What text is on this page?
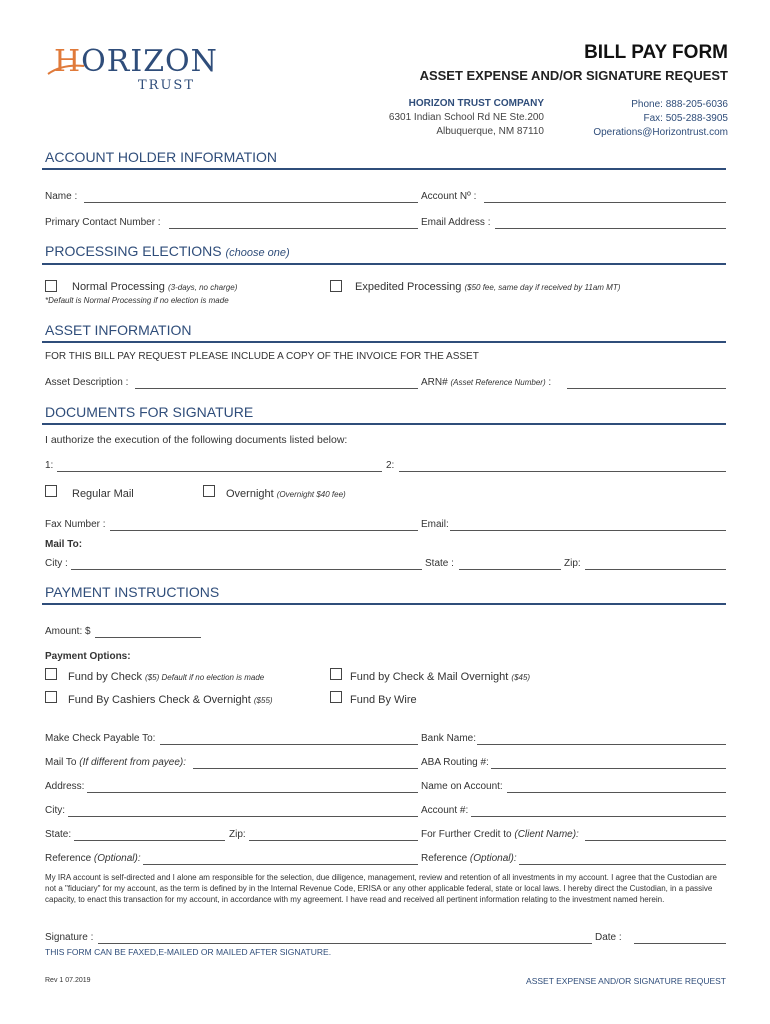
HORIZON
TRUST
BILL PAY FORM
ASSET EXPENSE AND/OR SIGNATURE REQUEST
HORIZON TRUST COMPANY
6301 Indian School Rd NE Ste.200
Albuquerque, NM 87110
Phone: 888-205-6036
Fax: 505-288-3905
Operations@Horizontrust.com
ACCOUNT HOLDER INFORMATION
Name :	Account Nº :
Primary Contact Number :	Email Address :
PROCESSING ELECTIONS (choose one)
Normal Processing (3-days, no charge)	Expedited Processing ($50 fee, same day if received by 11am MT)
*Default is Normal Processing if no election is made
ASSET INFORMATION
FOR THIS BILL PAY REQUEST PLEASE INCLUDE A COPY OF THE INVOICE FOR THE ASSET
Asset Description :	ARN# (Asset Reference Number) :
DOCUMENTS FOR SIGNATURE
I authorize the execution of the following documents listed below:
1:	2:
Regular Mail	Overnight (Overnight $40 fee)
Fax Number :	Email:
Mail To:
City :	State :	Zip:
PAYMENT INSTRUCTIONS
Amount: $
Payment Options:
Fund by Check ($5) Default if no election is made	Fund by Check & Mail Overnight ($45)
Fund By Cashiers Check & Overnight ($55)	Fund By Wire
Make Check Payable To:	Bank Name:
Mail To (If different from payee):	ABA Routing #:
Address:	Name on Account:
City:	Account #:
State:	Zip:	For Further Credit to (Client Name):
Reference (Optional):	Reference (Optional):
My IRA account is self-directed and I alone am responsible for the selection, due diligence, management, review and retention of all investments in my account. I agree that the Custodian are not a "fiduciary" for my account, as the term is defined by in the Internal Revenue Code, ERISA or any other applicable federal, state or local laws. I hereby direct the Custodian, in a passive capacity, to enact this transaction for my account, in accordance with my agreement. I have read and received all pertinent information relating to the investment named herein.
Signature :	Date :
THIS FORM CAN BE FAXED,E-MAILED OR MAILED AFTER SIGNATURE.
Rev 1 07.2019	ASSET EXPENSE AND/OR SIGNATURE REQUEST
